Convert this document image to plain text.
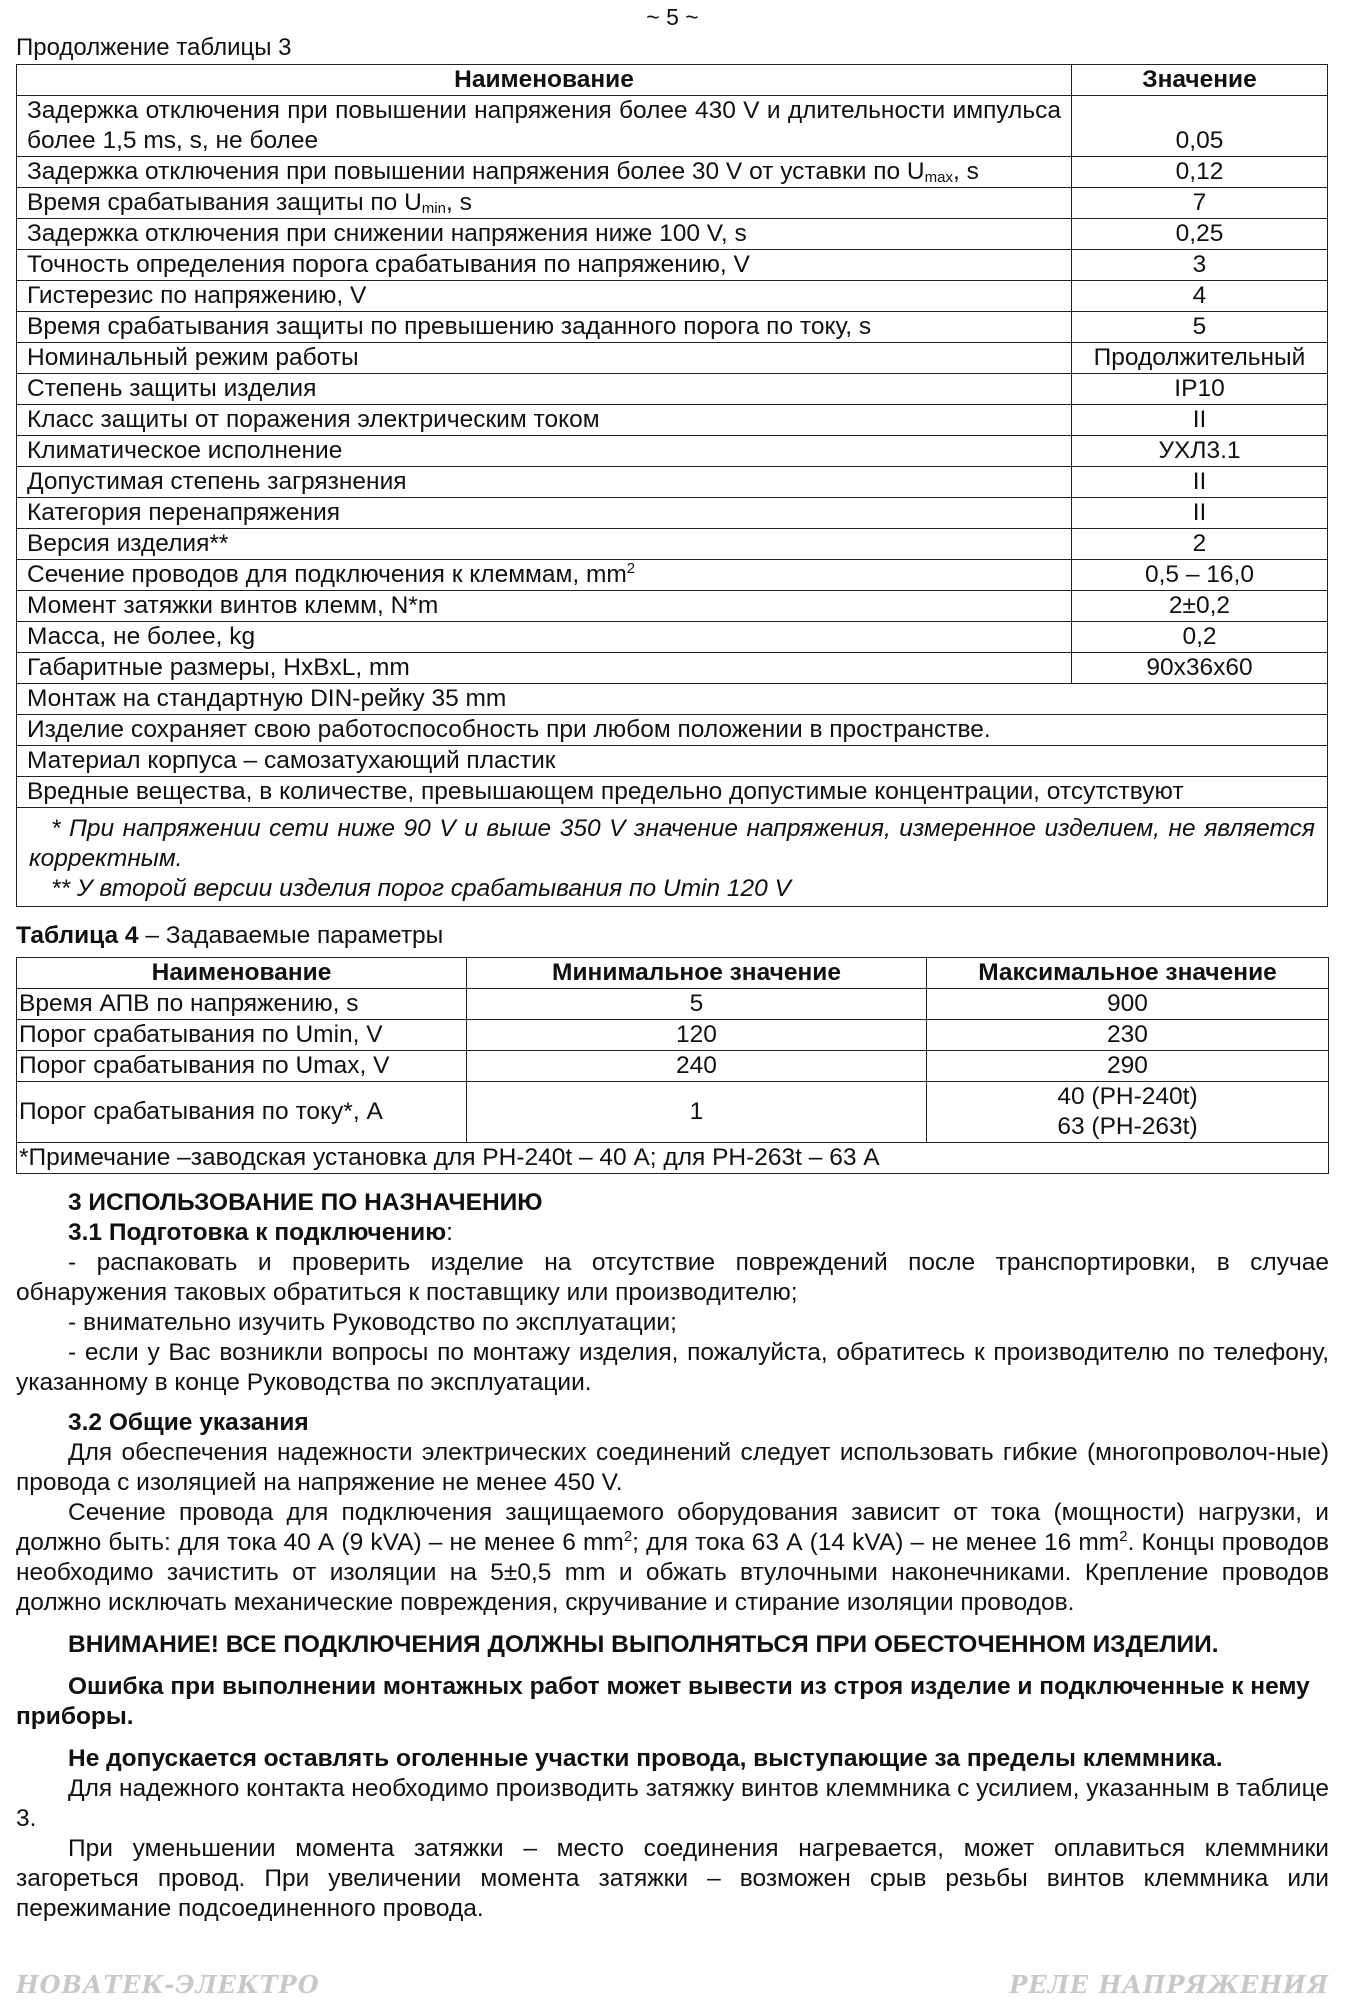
~ 5 ~
Продолжение таблицы 3
Наименование	Значение
Задержка отключения при повышении напряжения более 430 V и длительности импульса более 1,5 ms, s, не более	0,05
Задержка отключения при повышении напряжения более 30 V от уставки по $U_{max}$, s	0,12
Время срабатывания защиты по $U_{min}$, s	7
Задержка отключения при снижении напряжения ниже 100 V, s	0,25
Точность определения порога срабатывания по напряжению, V	3
Гистерезис по напряжению, V	4
Время срабатывания защиты по превышению заданного порога по току, s	5
Номинальный режим работы	Продолжительный
Степень защиты изделия	IP10
Класс защиты от поражения электрическим током	II
Климатическое исполнение	УХЛ3.1
Допустимая степень загрязнения	II
Категория перенапряжения	II
Версия изделия**	2
Сечение проводов для подключения к клеммам, $mm^2$	0,5 – 16,0
Момент затяжки винтов клемм, N*m	2±0,2
Масса, не более, kg	0,2
Габаритные размеры, HxBxL, mm	90x36x60
Монтаж на стандартную DIN-рейку 35 mm	
Изделие сохраняет свою работоспособность при любом положении в пространстве.	
Материал корпуса – самозатухающий пластик	
Вредные вещества, в количестве, превышающем предельно допустимые концентрации, отсутствуют	

* При напряжении сети ниже 90 V и выше 350 V значение напряжения, измеренное изделием, не является корректным.

** У второй версии изделия порог срабатывания по Umin 120 V	

Таблица 4 – Задаваемые параметры
Наименование	Минимальное значение	Максимальное значение
Время АПВ по напряжению, s	5	900
Порог срабатывания по Umin, V	120	230
Порог срабатывания по Umax, V	240	290
Порог срабатывания по току*, A	1	40 (РН-240t)
63 (РН-263t)

*Примечание –заводская установка для РН-240t – 40 А; для РН-263t – 63 А		
3 ИСПОЛЬЗОВАНИЕ ПО НАЗНАЧЕНИЮ
3.1 Подготовка к подключению:

- распаковать и проверить изделие на отсутствие повреждений после транспортировки, в случае обнаружения таковых обратиться к поставщику или производителю;

- внимательно изучить Руководство по эксплуатации;

- если у Вас возникли вопросы по монтажу изделия, пожалуйста, обратитесь к производителю по телефону, указанному в конце Руководства по эксплуатации.

3.2 Общие указания

Для обеспечения надежности электрических соединений следует использовать гибкие (многопроволоч-ные) провода с изоляцией на напряжение не менее 450 V.

Сечение провода для подключения защищаемого оборудования зависит от тока (мощности) нагрузки, и должно быть: для тока 40 А (9 kVA) – не менее 6 $mm^2$; для тока 63 А (14 kVA) – не менее 16 $mm^2$. Концы проводов необходимо зачистить от изоляции на 5±0,5 mm и обжать втулочными наконечниками. Крепление проводов должно исключать механические повреждения, скручивание и стирание изоляции проводов.

ВНИМАНИЕ! ВСЕ ПОДКЛЮЧЕНИЯ ДОЛЖНЫ ВЫПОЛНЯТЬСЯ ПРИ ОБЕСТОЧЕННОМ ИЗДЕЛИИ.

Ошибка при выполнении монтажных работ может вывести из строя изделие и подключенные к нему приборы.

Не допускается оставлять оголенные участки провода, выступающие за пределы клеммника.

Для надежного контакта необходимо производить затяжку винтов клеммника с усилием, указанным в таблице 3.

При уменьшении момента затяжки – место соединения нагревается, может оплавиться клеммники загореться провод. При увеличении момента затяжки – возможен срыв резьбы винтов клеммника или пережимание подсоединенного провода.

НОВАТЕК-ЭЛЕКТРО	РЕЛЕ НАПРЯЖЕНИЯ
